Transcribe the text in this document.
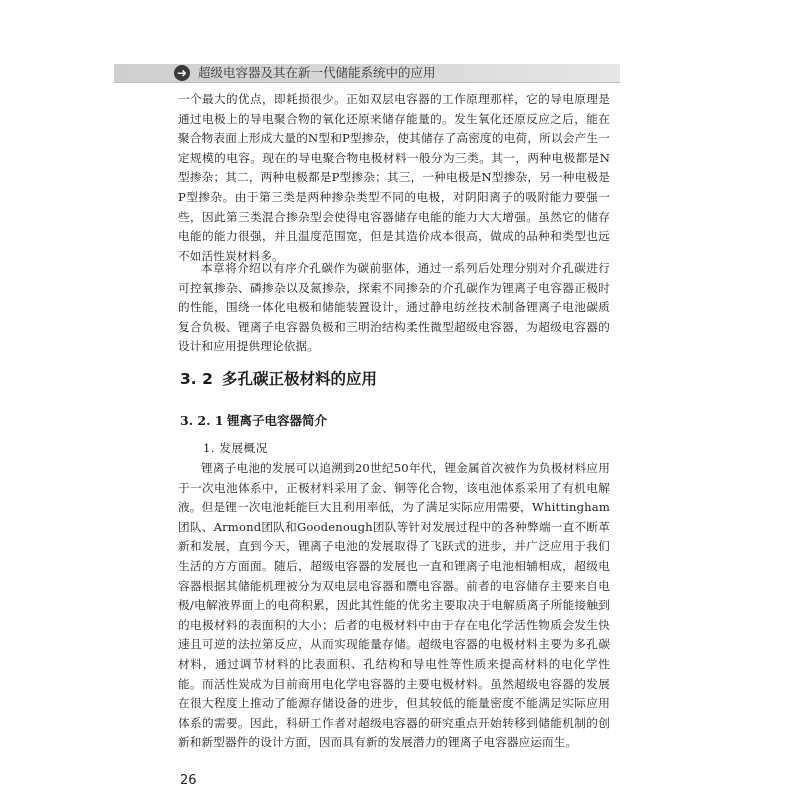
➜ 超级电容器及其在新一代储能系统中的应用

一个最大的优点，即耗损很少。正如双层电容器的工作原理那样，它的导电原理是通过电极上的导电聚合物的氧化还原来储存能量的。发生氧化还原反应之后，能在聚合物表面上形成大量的N型和P型掺杂，使其储存了高密度的电荷，所以会产生一定规模的电容。现在的导电聚合物电极材料一般分为三类。其一，两种电极都是N型掺杂；其二，两种电极都是P型掺杂；其三，一种电极是N型掺杂，另一种电极是P型掺杂。由于第三类是两种掺杂类型不同的电极，对阴阳离子的吸附能力要强一些，因此第三类混合掺杂型会使得电容器储存电能的能力大大增强。虽然它的储存电能的能力很强，并且温度范围宽，但是其造价成本很高，做成的品种和类型也远不如活性炭材料多。

本章将介绍以有序介孔碳作为碳前驱体，通过一系列后处理分别对介孔碳进行可控氧掺杂、磷掺杂以及氮掺杂，探索不同掺杂的介孔碳作为锂离子电容器正极时的性能，围绕一体化电极和储能装置设计，通过静电纺丝技术制备锂离子电池碳质复合负极、锂离子电容器负极和三明治结构柔性微型超级电容器，为超级电容器的设计和应用提供理论依据。

3. 2 多孔碳正极材料的应用
3. 2. 1 锂离子电容器简介
1. 发展概况

锂离子电池的发展可以追溯到20世纪50年代，锂金属首次被作为负极材料应用于一次电池体系中，正极材料采用了金、铜等化合物，该电池体系采用了有机电解液。但是锂一次电池耗能巨大且利用率低，为了满足实际应用需要，Whittingham团队、Armond团队和Goodenough团队等针对发展过程中的各种弊端一直不断革新和发展，直到今天，锂离子电池的发展取得了飞跃式的进步，并广泛应用于我们生活的方方面面。随后，超级电容器的发展也一直和锂离子电池相辅相成，超级电容器根据其储能机理被分为双电层电容器和赝电容器。前者的电容储存主要来自电极/电解液界面上的电荷积累，因此其性能的优劣主要取决于电解质离子所能接触到的电极材料的表面积的大小；后者的电极材料中由于存在电化学活性物质会发生快速且可逆的法拉第反应，从而实现能量存储。超级电容器的电极材料主要为多孔碳材料，通过调节材料的比表面积、孔结构和导电性等性质来提高材料的电化学性能。而活性炭成为目前商用电化学电容器的主要电极材料。虽然超级电容器的发展在很大程度上推动了能源存储设备的进步，但其较低的能量密度不能满足实际应用体系的需要。因此，科研工作者对超级电容器的研究重点开始转移到储能机制的创新和新型器件的设计方面，因而具有新的发展潜力的锂离子电容器应运而生。

26
